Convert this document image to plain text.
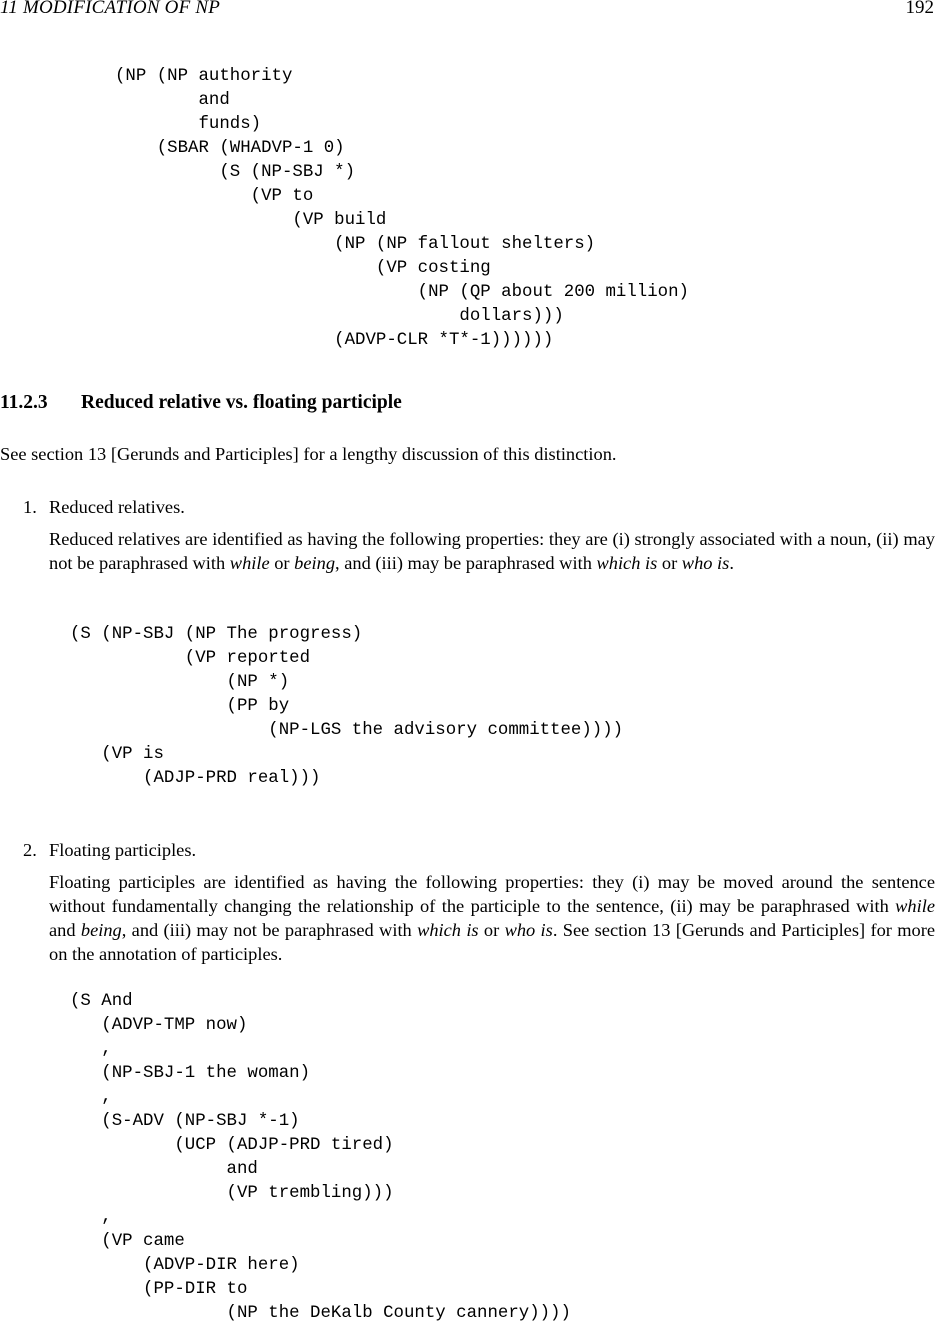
11 MODIFICATION OF NP	192
(NP (NP authority
and
funds)
(SBAR (WHADVP-1 0)
(S (NP-SBJ *)
(VP to
(VP build
(NP (NP fallout shelters)
(VP costing
(NP (QP about 200 million)
dollars)))
(ADVP-CLR *T*-1))))))
11.2.3 Reduced relative vs. floating participle

See section 13 [Gerunds and Participles] for a lengthy discussion of this distinction.

1. Reduced relatives.

Reduced relatives are identified as having the following properties: they are (i) strongly associated with a noun, (ii) may not be paraphrased with while or being, and (iii) may be paraphrased with which is or who is.

(S (NP-SBJ (NP The progress)
(VP reported
(NP *)
(PP by
(NP-LGS the advisory committee))))
(VP is
(ADJP-PRD real)))
2. Floating participles.

Floating participles are identified as having the following properties: they (i) may be moved around the sentence without fundamentally changing the relationship of the participle to the sentence, (ii) may be paraphrased with while and being, and (iii) may not be paraphrased with which is or who is. See section 13 [Gerunds and Participles] for more on the annotation of participles.

(S And
(ADVP-TMP now)
,
(NP-SBJ-1 the woman)
,
(S-ADV (NP-SBJ *-1)
(UCP (ADJP-PRD tired)
and
(VP trembling)))
,
(VP came
(ADVP-DIR here)
(PP-DIR to
(NP the DeKalb County cannery))))
